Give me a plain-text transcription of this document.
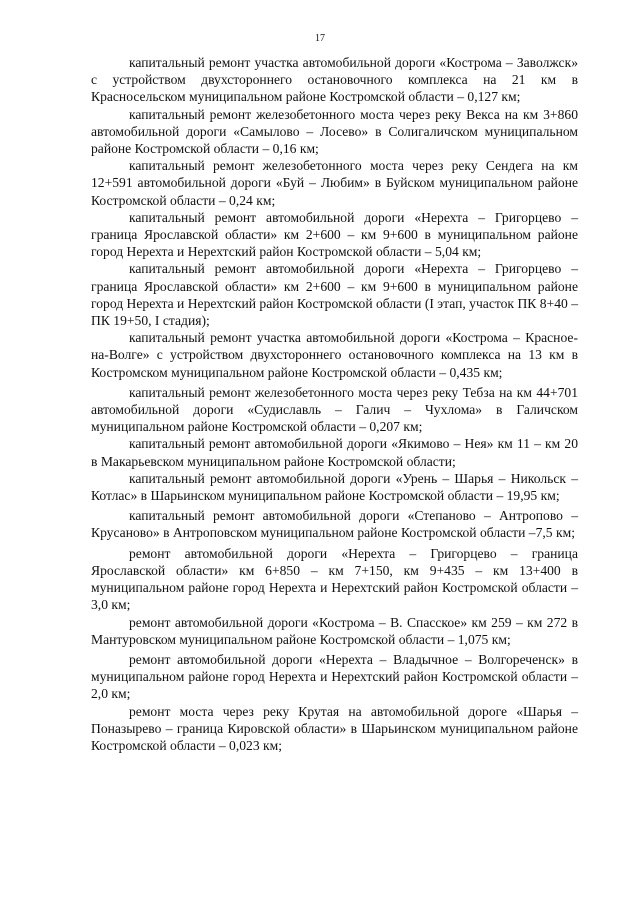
17

капитальный ремонт участка автомобильной дороги «Кострома – Заволжск» с устройством двухстороннего остановочного комплекса на 21 км в Красносельском муниципальном районе Костромской области – 0,127 км;

капитальный ремонт железобетонного моста через реку Векса на км 3+860 автомобильной дороги «Самылово – Лосево» в Солигаличском муниципальном районе Костромской области – 0,16 км;

капитальный ремонт железобетонного моста через реку Сендега на км 12+591 автомобильной дороги «Буй – Любим» в Буйском муниципальном районе Костромской области – 0,24 км;

капитальный ремонт автомобильной дороги «Нерехта – Григорцево – граница Ярославской области» км 2+600 – км 9+600 в муниципальном районе город Нерехта и Нерехтский район Костромской области – 5,04 км;

капитальный ремонт автомобильной дороги «Нерехта – Григорцево – граница Ярославской области» км 2+600 – км 9+600 в муниципальном районе город Нерехта и Нерехтский район Костромской области (I этап, участок ПК 8+40 – ПК 19+50, I стадия);

капитальный ремонт участка автомобильной дороги «Кострома – Красное-на-Волге» с устройством двухстороннего остановочного комплекса на 13 км в Костромском муниципальном районе Костромской области – 0,435 км;

капитальный ремонт железобетонного моста через реку Тебза на км 44+701 автомобильной дороги «Судиславль – Галич – Чухлома» в Галичском муниципальном районе Костромской области – 0,207 км;

капитальный ремонт автомобильной дороги «Якимово – Нея» км 11 – км 20 в Макарьевском муниципальном районе Костромской области;

капитальный ремонт автомобильной дороги «Урень – Шарья – Никольск – Котлас» в Шарьинском муниципальном районе Костромской области – 19,95 км;

капитальный ремонт автомобильной дороги «Степаново – Антропово – Крусаново» в Антроповском муниципальном районе Костромской области –7,5 км;

ремонт автомобильной дороги «Нерехта – Григорцево – граница Ярославской области» км 6+850 – км 7+150, км 9+435 – км 13+400 в муниципальном районе город Нерехта и Нерехтский район Костромской области – 3,0 км;

ремонт автомобильной дороги «Кострома – В. Спасское» км 259 – км 272 в Мантуровском муниципальном районе Костромской области – 1,075 км;

ремонт автомобильной дороги «Нерехта – Владычное – Волгореченск» в муниципальном районе город Нерехта и Нерехтский район Костромской области – 2,0 км;

ремонт моста через реку Крутая на автомобильной дороге «Шарья – Поназырево – граница Кировской области» в Шарьинском муниципальном районе Костромской области – 0,023 км;
